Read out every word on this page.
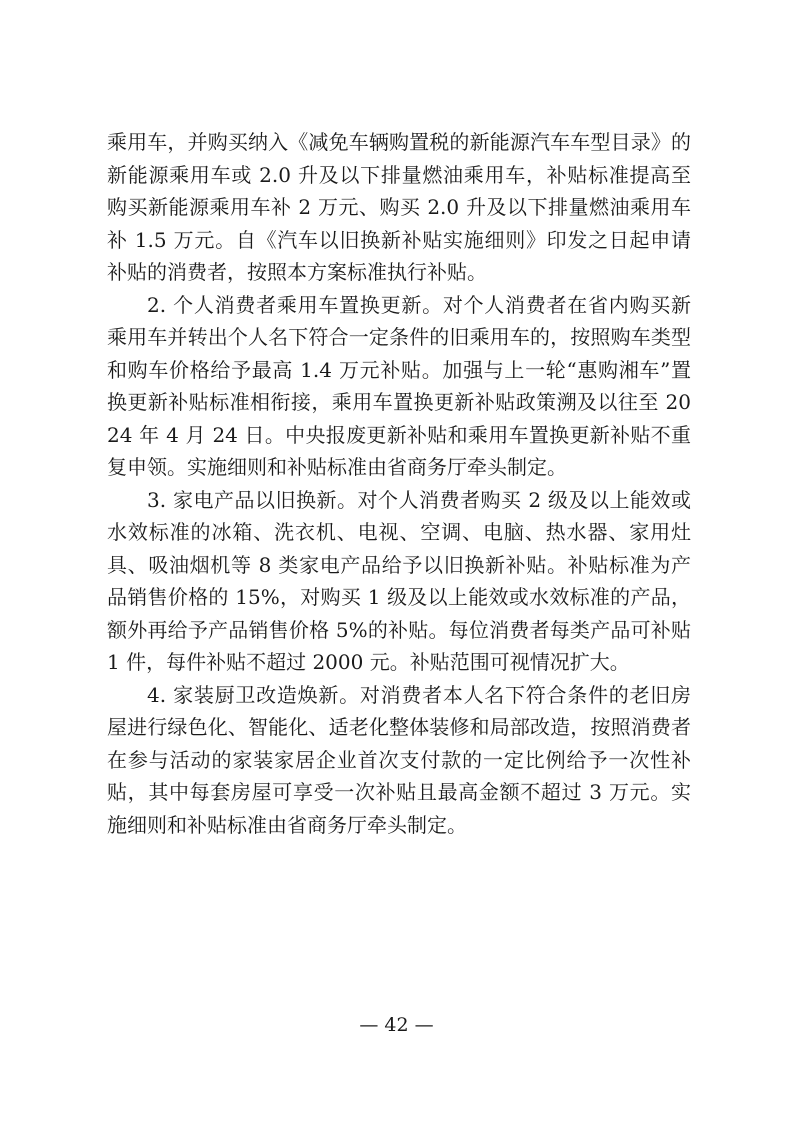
乘用车，并购买纳入《减免车辆购置税的新能源汽车车型目录》的新能源乘用车或 2.0 升及以下排量燃油乘用车，补贴标准提高至购买新能源乘用车补 2 万元、购买 2.0 升及以下排量燃油乘用车补 1.5 万元。自《汽车以旧换新补贴实施细则》印发之日起申请补贴的消费者，按照本方案标准执行补贴。

2. 个人消费者乘用车置换更新。对个人消费者在省内购买新乘用车并转出个人名下符合一定条件的旧乘用车的，按照购车类型和购车价格给予最高 1.4 万元补贴。加强与上一轮“惠购湘车”置换更新补贴标准相衔接，乘用车置换更新补贴政策溯及以往至 2024 年 4 月 24 日。中央报废更新补贴和乘用车置换更新补贴不重复申领。实施细则和补贴标准由省商务厅牵头制定。

3. 家电产品以旧换新。对个人消费者购买 2 级及以上能效或水效标准的冰箱、洗衣机、电视、空调、电脑、热水器、家用灶具、吸油烟机等 8 类家电产品给予以旧换新补贴。补贴标准为产品销售价格的 15%，对购买 1 级及以上能效或水效标准的产品，额外再给予产品销售价格 5%的补贴。每位消费者每类产品可补贴 1 件，每件补贴不超过 2000 元。补贴范围可视情况扩大。

4. 家装厨卫改造焕新。对消费者本人名下符合条件的老旧房屋进行绿色化、智能化、适老化整体装修和局部改造，按照消费者在参与活动的家装家居企业首次支付款的一定比例给予一次性补贴，其中每套房屋可享受一次补贴且最高金额不超过 3 万元。实施细则和补贴标准由省商务厅牵头制定。

— 42 —
